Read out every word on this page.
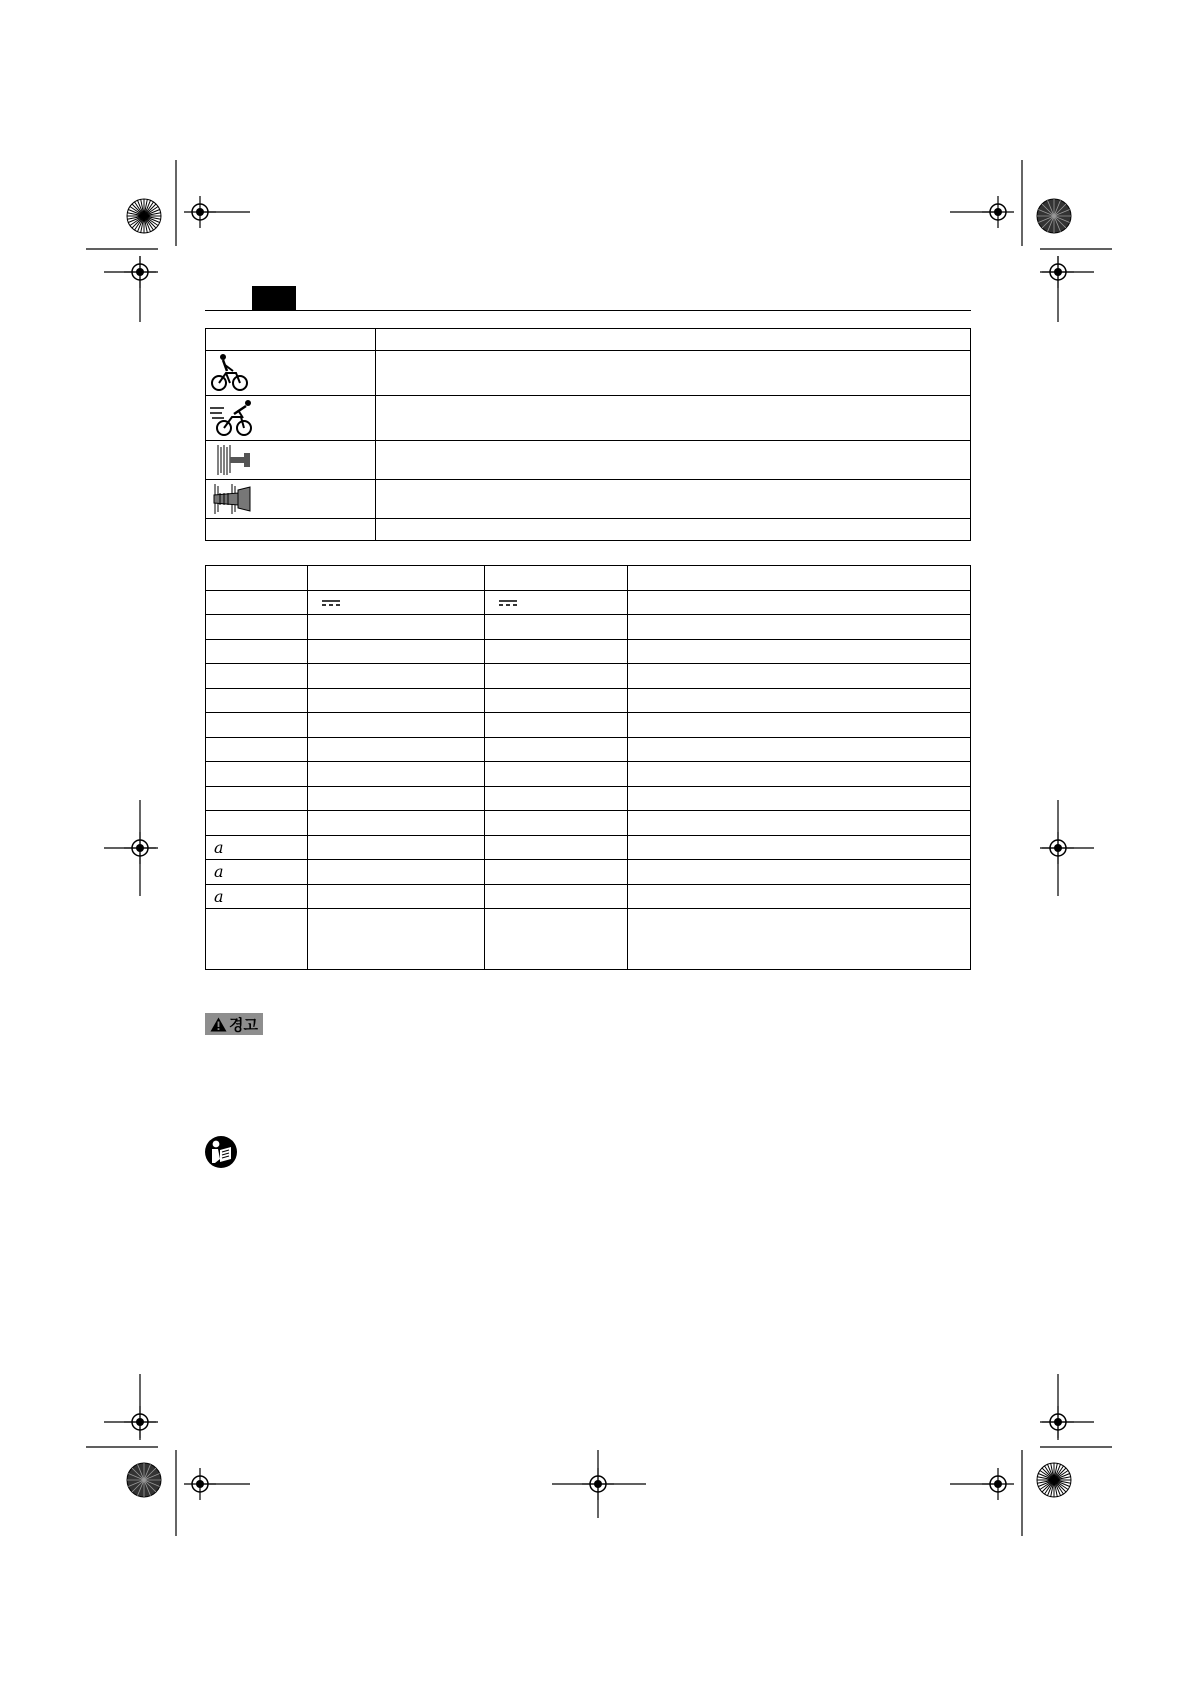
a			
a			
a			

경고
